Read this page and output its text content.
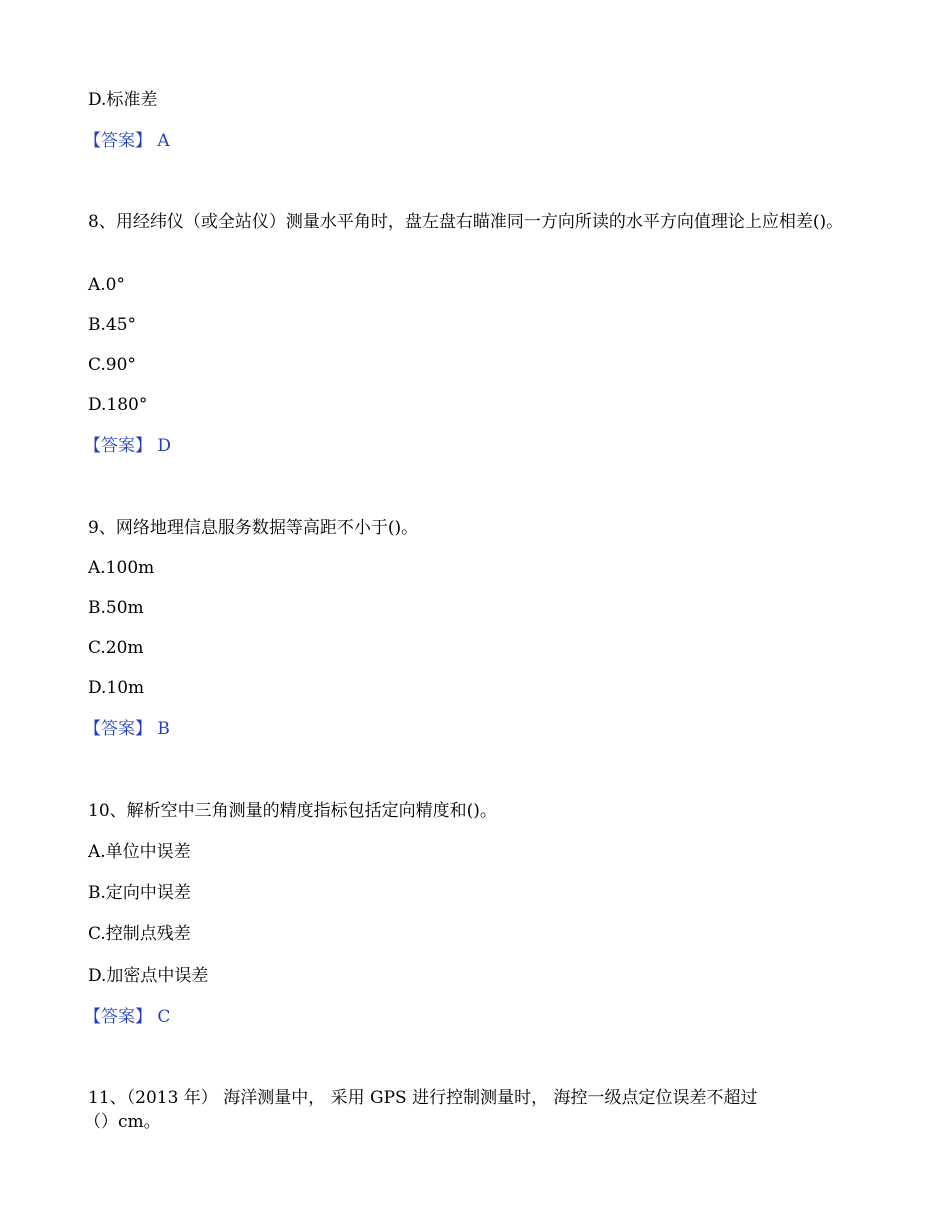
D.标准差
【答案】 A
8、用经纬仪（或全站仪）测量水平角时，盘左盘右瞄准同一方向所读的水平方向值理论上应相差()。
A.0°
B.45°
C.90°
D.180°
【答案】 D
9、网络地理信息服务数据等高距不小于()。
A.100m
B.50m
C.20m
D.10m
【答案】 B
10、解析空中三角测量的精度指标包括定向精度和()。
A.单位中误差
B.定向中误差
C.控制点残差
D.加密点中误差
【答案】 C
11、（2013 年） 海洋测量中， 采用 GPS 进行控制测量时， 海控一级点定位误差不超过
（）cm。
